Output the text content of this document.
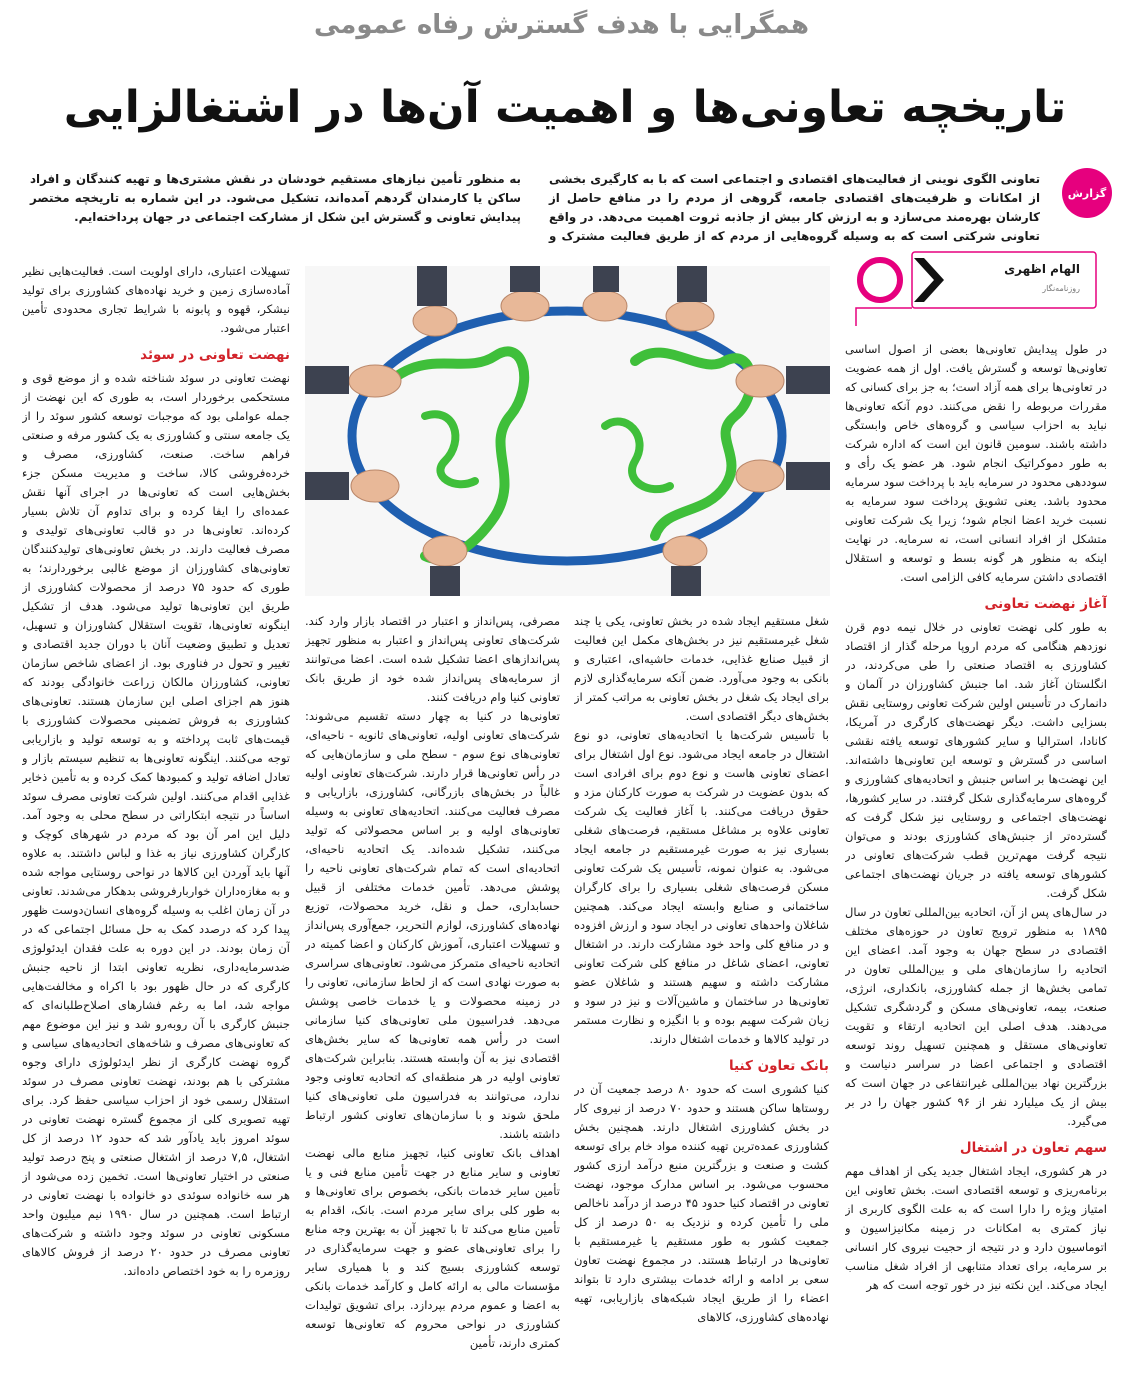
همگرایی با هدف گسترش رفاه عمومی
تاریخچه تعاونی‌ها و اهمیت آن‌ها در اشتغالزایی
گزارش
تعاونی الگوی نوینی از فعالیت‌های اقتصادی و اجتماعی است که با به کارگیری بخشی از امکانات و ظرفیت‌های اقتصادی جامعه، گروهی از مردم را در منافع حاصل از کارشان بهره‌مند می‌سازد و به ارزش کار بیش از جاذبه ثروت اهمیت می‌دهد. در واقع تعاونی شرکتی است که به وسیله گروه‌هایی از مردم که از طریق فعالیت مشترک و به منظور تأمین نیازهای مستقیم خودشان در نقش مشتری‌ها و تهیه کنندگان و افراد ساکن یا کارمندان گردهم آمده‌اند، تشکیل می‌شود. در این شماره به تاریخچه مختصر پیدایش تعاونی و گسترش این شکل از مشارکت اجتماعی در جهان پرداخته‌ایم.
الهام اظهری
روزنامه‌نگار

در طول پیدایش تعاونی‌ها بعضی از اصول اساسی تعاونی‌ها توسعه و گسترش یافت. اول از همه عضویت در تعاونی‌ها برای همه آزاد است؛ به جز برای کسانی که مقررات مربوطه را نقض می‌کنند. دوم آنکه تعاونی‌ها نباید به احزاب سیاسی و گروه‌های خاص وابستگی داشته باشند. سومین قانون این است که اداره شرکت به طور دموکراتیک انجام شود. هر عضو یک رأی و سوددهی محدود در سرمایه باید با پرداخت سود سرمایه محدود باشد. یعنی تشویق پرداخت سود سرمایه به نسبت خرید اعضا انجام شود؛ زیرا یک شرکت تعاونی متشکل از افراد انسانی است، نه سرمایه. در نهایت اینکه به منظور هر گونه بسط و توسعه و استقلال اقتصادی داشتن سرمایه کافی الزامی است.

آغاز نهضت تعاونی

به طور کلی نهضت تعاونی در خلال نیمه دوم قرن نوزدهم هنگامی که مردم اروپا مرحله گذار از اقتصاد کشاورزی به اقتصاد صنعتی را طی می‌کردند، در انگلستان آغاز شد. اما جنبش کشاورزان در آلمان و دانمارک در تأسیس اولین شرکت تعاونی روستایی نقش بسزایی داشت. دیگر نهضت‌های کارگری در آمریکا، کانادا، استرالیا و سایر کشورهای توسعه یافته نقشی اساسی در گسترش و توسعه این تعاونی‌ها داشته‌اند. این نهضت‌ها بر اساس جنبش و اتحادیه‌های کشاورزی و گروه‌های سرمایه‌گذاری شکل گرفتند. در سایر کشورها، نهضت‌های اجتماعی و روستایی نیز شکل گرفت که گسترده‌تر از جنبش‌های کشاورزی بودند و می‌توان نتیجه گرفت مهم‌ترین قطب شرکت‌های تعاونی در کشورهای توسعه یافته در جریان نهضت‌های اجتماعی شکل گرفت.

در سال‌های پس از آن، اتحادیه بین‌المللی تعاون در سال ۱۸۹۵ به منظور ترویج تعاون در حوزه‌های مختلف اقتصادی در سطح جهان به وجود آمد. اعضای این اتحادیه را سازمان‌های ملی و بین‌المللی تعاون در تمامی بخش‌ها از جمله کشاورزی، بانکداری، انرژی، صنعت، بیمه، تعاونی‌های مسکن و گردشگری تشکیل می‌دهند. هدف اصلی این اتحادیه ارتقاء و تقویت تعاونی‌های مستقل و همچنین تسهیل روند توسعه اقتصادی و اجتماعی اعضا در سراسر دنیاست و بزرگترین نهاد بین‌المللی غیرانتفاعی در جهان است که بیش از یک میلیارد نفر از ۹۶ کشور جهان را در بر می‌گیرد.

سهم تعاون در اشتغال

در هر کشوری، ایجاد اشتغال جدید یکی از اهداف مهم برنامه‌ریزی و توسعه اقتصادی است. بخش تعاونی این امتیاز ویژه را دارا است که به علت الگوی کاربری از نیاز کمتری به امکانات در زمینه مکانیزاسیون و اتوماسیون دارد و در نتیجه از حجیت نیروی کار انسانی بر سرمایه، برای تعداد متنابهی از افراد شغل مناسب ایجاد می‌کند. این نکته نیز در خور توجه است که هر

شغل مستقیم ایجاد شده در بخش تعاونی، یکی یا چند شغل غیرمستقیم نیز در بخش‌های مکمل این فعالیت از قبیل صنایع غذایی، خدمات حاشیه‌ای، اعتباری و بانکی به وجود می‌آورد. ضمن آنکه سرمایه‌گذاری لازم برای ایجاد یک شغل در بخش تعاونی به مراتب کمتر از بخش‌های دیگر اقتصادی است.

با تأسیس شرکت‌ها یا اتحادیه‌های تعاونی، دو نوع اشتغال در جامعه ایجاد می‌شود. نوع اول اشتغال برای اعضای تعاونی هاست و نوع دوم برای افرادی است که بدون عضویت در شرکت به صورت کارکنان مزد و حقوق دریافت می‌کنند. با آغاز فعالیت یک شرکت تعاونی علاوه بر مشاغل مستقیم، فرصت‌های شغلی بسیاری نیز به صورت غیرمستقیم در جامعه ایجاد می‌شود. به عنوان نمونه، تأسیس یک شرکت تعاونی مسکن فرصت‌های شغلی بسیاری را برای کارگران ساختمانی و صنایع وابسته ایجاد می‌کند. همچنین شاغلان واحدهای تعاونی در ایجاد سود و ارزش افزوده و در منافع کلی واحد خود مشارکت دارند. در اشتغال تعاونی، اعضای شاغل در منافع کلی شرکت تعاونی مشارکت داشته و سهیم هستند و شاغلان عضو تعاونی‌ها در ساختمان و ماشین‌آلات و نیز در سود و زیان شرکت سهیم بوده و با انگیزه و نظارت مستمر در تولید کالاها و خدمات اشتغال دارند.

بانک تعاون کنیا

کنیا کشوری است که حدود ۸۰ درصد جمعیت آن در روستاها ساکن هستند و حدود ۷۰ درصد از نیروی کار در بخش کشاورزی اشتغال دارند. همچنین بخش کشاورزی عمده‌ترین تهیه کننده مواد خام برای توسعه کشت و صنعت و بزرگترین منبع درآمد ارزی کشور محسوب می‌شود. بر اساس مدارک موجود، نهضت تعاونی در اقتصاد کنیا حدود ۴۵ درصد از درآمد ناخالص ملی را تأمین کرده و نزدیک به ۵۰ درصد از کل جمعیت کشور به طور مستقیم یا غیرمستقیم با تعاونی‌ها در ارتباط هستند. در مجموع نهضت تعاون سعی بر ادامه و ارائه خدمات بیشتری دارد تا بتواند اعضاء را از طریق ایجاد شبکه‌های بازاریابی، تهیه نهاده‌های کشاورزی، کالاهای

مصرفی، پس‌انداز و اعتبار در اقتصاد بازار وارد کند. شرکت‌های تعاونی پس‌انداز و اعتبار به منظور تجهیز پس‌اندازهای اعضا تشکیل شده است. اعضا می‌توانند از سرمایه‌های پس‌انداز شده خود از طریق بانک تعاونی کنیا وام دریافت کنند.

تعاونی‌ها در کنیا به چهار دسته تقسیم می‌شوند: شرکت‌های تعاونی اولیه، تعاونی‌های ثانویه - ناحیه‌ای، تعاونی‌های نوع سوم - سطح ملی و سازمان‌هایی که در رأس تعاونی‌ها قرار دارند. شرکت‌های تعاونی اولیه غالباً در بخش‌های بازرگانی، کشاورزی، بازاریابی و مصرف فعالیت می‌کنند. اتحادیه‌های تعاونی به وسیله تعاونی‌های اولیه و بر اساس محصولاتی که تولید می‌کنند، تشکیل شده‌اند. یک اتحادیه ناحیه‌ای، اتحادیه‌ای است که تمام شرکت‌های تعاونی ناحیه را پوشش می‌دهد. تأمین خدمات مختلفی از قبیل حسابداری، حمل و نقل، خرید محصولات، توزیع نهاده‌های کشاورزی، لوازم التحریر، جمع‌آوری پس‌انداز و تسهیلات اعتباری، آموزش کارکنان و اعضا کمیته در اتحادیه ناحیه‌ای متمرکز می‌شود. تعاونی‌های سراسری به صورت نهادی است که از لحاظ سازمانی، تعاونی را در زمینه محصولات و یا خدمات خاصی پوشش می‌دهد. فدراسیون ملی تعاونی‌های کنیا سازمانی است در رأس همه تعاونی‌ها که سایر بخش‌های اقتصادی نیز به آن وابسته هستند. بنابراین شرکت‌های تعاونی اولیه در هر منطقه‌ای که اتحادیه تعاونی وجود ندارد، می‌توانند به فدراسیون ملی تعاونی‌های کنیا ملحق شوند و با سازمان‌های تعاونی کشور ارتباط داشته باشند.

اهداف بانک تعاونی کنیا، تجهیز منابع مالی نهضت تعاونی و سایر منابع در جهت تأمین منابع فنی و یا تأمین سایر خدمات بانکی، بخصوص برای تعاونی‌ها و به طور کلی برای سایر مردم است. بانک، اقدام به تأمین منابع می‌کند تا با تجهیز آن به بهترین وجه منابع را برای تعاونی‌های عضو و جهت سرمایه‌گذاری در توسعه کشاورزی بسیج کند و با همیاری سایر مؤسسات مالی به ارائه کامل و کارآمد خدمات بانکی به اعضا و عموم مردم بپردازد. برای تشویق تولیدات کشاورزی در نواحی محروم که تعاونی‌ها توسعه کمتری دارند، تأمین

تسهیلات اعتباری، دارای اولویت است. فعالیت‌هایی نظیر آماده‌سازی زمین و خرید نهاده‌های کشاورزی برای تولید نیشکر، قهوه و پابونه با شرایط تجاری محدودی تأمین اعتبار می‌شود.

نهضت تعاونی در سوئد

نهضت تعاونی در سوئد شناخته شده و از موضع قوی و مستحکمی برخوردار است، به طوری که این نهضت از جمله عواملی بود که موجبات توسعه کشور سوئد را از یک جامعه سنتی و کشاورزی به یک کشور مرفه و صنعتی فراهم ساخت. صنعت، کشاورزی، مصرف و خرده‌فروشی کالا، ساخت و مدیریت مسکن جزء بخش‌هایی است که تعاونی‌ها در اجرای آنها نقش عمده‌ای را ایفا کرده و برای تداوم آن تلاش بسیار کرده‌اند. تعاونی‌ها در دو قالب تعاونی‌های تولیدی و مصرف فعالیت دارند. در بخش تعاونی‌های تولیدکنندگان تعاونی‌های کشاورزان از موضع غالبی برخوردارند؛ به طوری که حدود ۷۵ درصد از محصولات کشاورزی از طریق این تعاونی‌ها تولید می‌شود. هدف از تشکیل اینگونه تعاونی‌ها، تقویت استقلال کشاورزان و تسهیل، تعدیل و تطبیق وضعیت آنان با دوران جدید اقتصادی و تغییر و تحول در فناوری بود. از اعضای شاخص سازمان تعاونی، کشاورزان مالکان زراعت خانوادگی بودند که هنوز هم اجزای اصلی این سازمان هستند. تعاونی‌های کشاورزی به فروش تضمینی محصولات کشاورزی با قیمت‌های ثابت پرداخته و به توسعه تولید و بازاریابی توجه می‌کنند. اینگونه تعاونی‌ها به تنظیم سیستم بازار و تعادل اضافه تولید و کمبودها کمک کرده و به تأمین ذخایر غذایی اقدام می‌کنند. اولین شرکت تعاونی مصرف سوئد اساساً در نتیجه ابتکاراتی در سطح محلی به وجود آمد. دلیل این امر آن بود که مردم در شهرهای کوچک و کارگران کشاورزی نیاز به غذا و لباس داشتند. به علاوه آنها باید آوردن این کالاها در نواحی روستایی مواجه شده و به مغازه‌داران خواربارفروشی بدهکار می‌شدند. تعاونی در آن زمان اغلب به وسیله گروه‌های انسان‌دوست ظهور پیدا کرد که درصدد کمک به حل مسائل اجتماعی که در آن زمان بودند. در این دوره به علت فقدان ایدئولوژی ضدسرمایه‌داری، نظریه تعاونی ابتدا از ناحیه جنبش کارگری که در حال ظهور بود با اکراه و مخالفت‌هایی مواجه شد، اما به رغم فشارهای اصلاح‌طلبانه‌ای که جنبش کارگری با آن روبه‌رو شد و نیز این موضوع مهم که تعاونی‌های مصرف و شاخه‌های اتحادیه‌های سیاسی و گروه نهضت کارگری از نظر ایدئولوژی دارای وجوه مشترکی با هم بودند، نهضت تعاونی مصرف در سوئد استقلال رسمی خود از احزاب سیاسی حفظ کرد. برای تهیه تصویری کلی از مجموع گستره نهضت تعاونی در سوئد امروز باید یادآور شد که حدود ۱۲ درصد از کل اشتغال، ۷,۵ درصد از اشتغال صنعتی و پنج درصد تولید صنعتی در اختیار تعاونی‌ها است. تخمین زده می‌شود از هر سه خانواده سوئدی دو خانواده با نهضت تعاونی در ارتباط است. همچنین در سال ۱۹۹۰ نیم میلیون واحد مسکونی تعاونی در سوئد وجود داشته و شرکت‌های تعاونی مصرف در حدود ۲۰ درصد از فروش کالاهای روزمره را به خود اختصاص داده‌اند.
